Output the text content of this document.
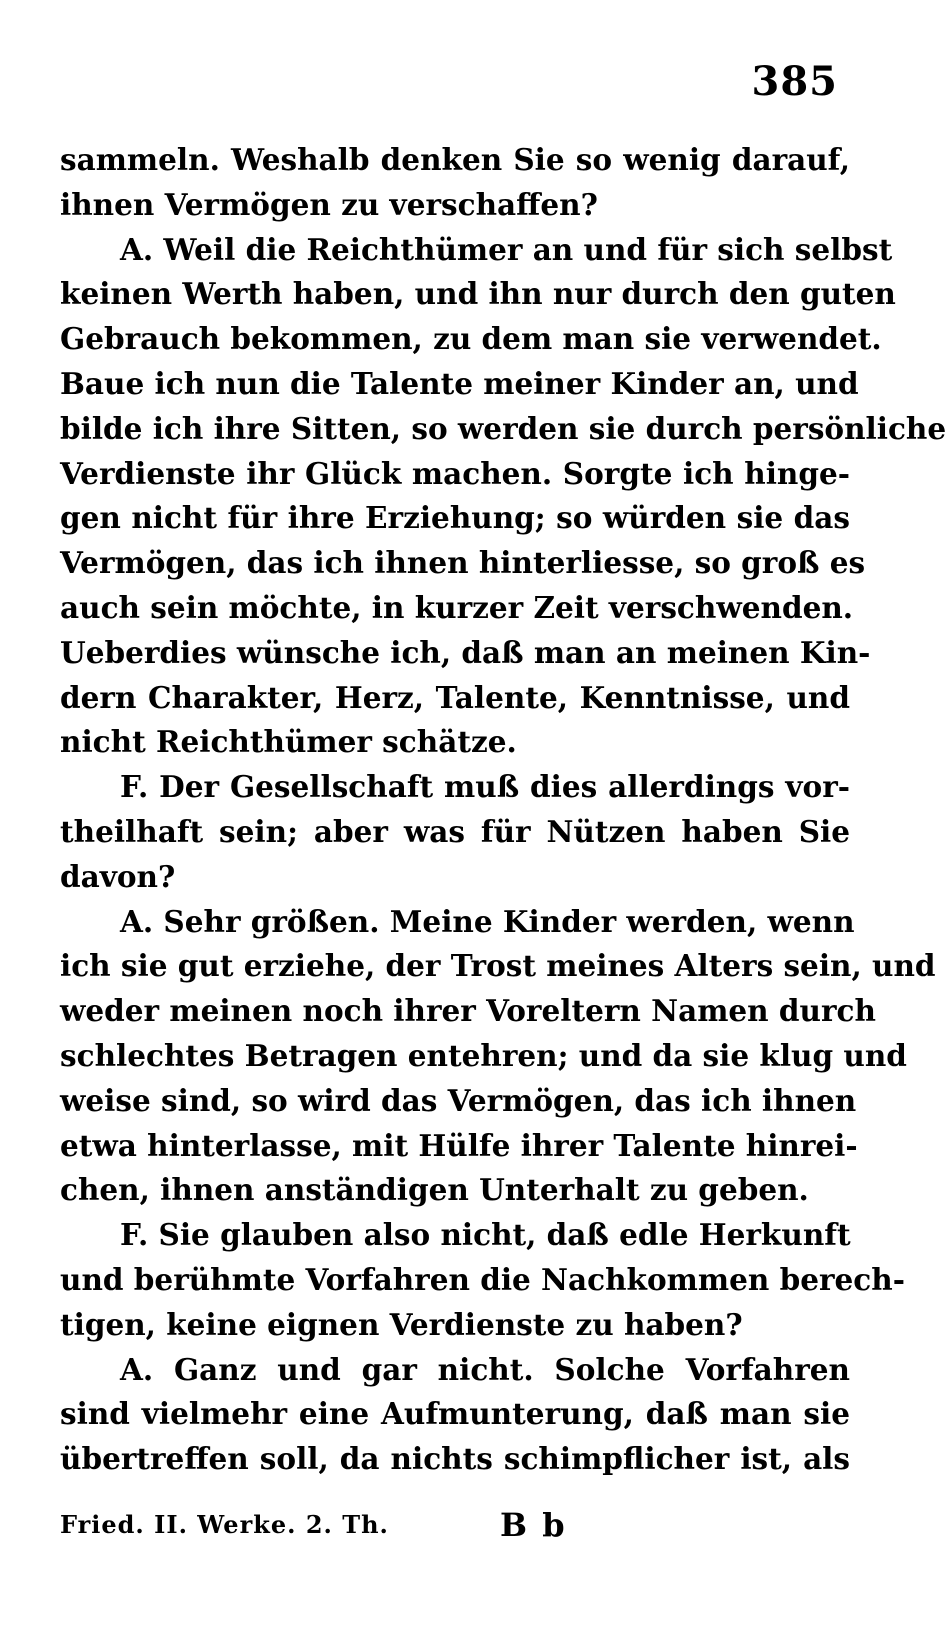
385
sammeln. Weshalb denken Sie so wenig darauf,
ihnen Vermögen zu verschaffen?
A. Weil die Reichthümer an und für sich selbst
keinen Werth haben, und ihn nur durch den guten
Gebrauch bekommen, zu dem man sie verwendet.
Baue ich nun die Talente meiner Kinder an, und
bilde ich ihre Sitten, so werden sie durch persönliche
Verdienste ihr Glück machen. Sorgte ich hinge-
gen nicht für ihre Erziehung; so würden sie das
Vermögen, das ich ihnen hinterliesse, so groß es
auch sein möchte, in kurzer Zeit verschwenden.
Ueberdies wünsche ich, daß man an meinen Kin-
dern Charakter, Herz, Talente, Kenntnisse, und
nicht Reichthümer schätze.
F. Der Gesellschaft muß dies allerdings vor-
theilhaft sein; aber was für Nützen haben Sie
davon?
A. Sehr größen. Meine Kinder werden, wenn
ich sie gut erziehe, der Trost meines Alters sein, und
weder meinen noch ihrer Voreltern Namen durch
schlechtes Betragen entehren; und da sie klug und
weise sind, so wird das Vermögen, das ich ihnen
etwa hinterlasse, mit Hülfe ihrer Talente hinrei-
chen, ihnen anständigen Unterhalt zu geben.
F. Sie glauben also nicht, daß edle Herkunft
und berühmte Vorfahren die Nachkommen berech-
tigen, keine eignen Verdienste zu haben?
A. Ganz und gar nicht. Solche Vorfahren
sind vielmehr eine Aufmunterung, daß man sie
übertreffen soll, da nichts schimpflicher ist, als
Fried. II. Werke. 2. Th.	B b
